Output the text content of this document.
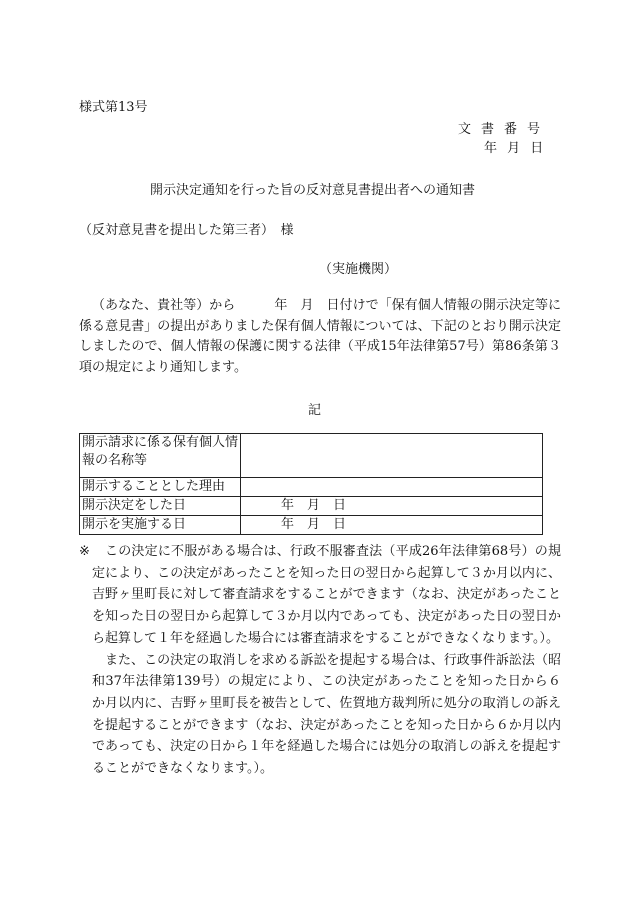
様式第13号
文書番号
年 月 日
開示決定通知を行った旨の反対意見書提出者への通知書
（反対意見書を提出した第三者）　様
（実施機関）

（あなた、貴社等）から　　　年　月　日付けで「保有個人情報の開示決定等に係る意見書」の提出がありました保有個人情報については、下記のとおり開示決定しましたので、個人情報の保護に関する法律（平成15年法律第57号）第86条第３項の規定により通知します。

記
開示請求に係る保有個人情報の名称等	
開示することとした理由	
開示決定をした日	年　月　日
開示を実施する日	年　月　日
※	この決定に不服がある場合は、行政不服審査法（平成26年法律第68号）の規定により、この決定があったことを知った日の翌日から起算して３か月以内に、吉野ヶ里町長に対して審査請求をすることができます（なお、決定があったことを知った日の翌日から起算して３か月以内であっても、決定があった日の翌日から起算して１年を経過した場合には審査請求をすることができなくなります。）。

また、この決定の取消しを求める訴訟を提起する場合は、行政事件訴訟法（昭和37年法律第139号）の規定により、この決定があったことを知った日から６か月以内に、吉野ヶ里町長を被告として、佐賀地方裁判所に処分の取消しの訴えを提起することができます（なお、決定があったことを知った日から６か月以内であっても、決定の日から１年を経過した場合には処分の取消しの訴えを提起することができなくなります。）。
